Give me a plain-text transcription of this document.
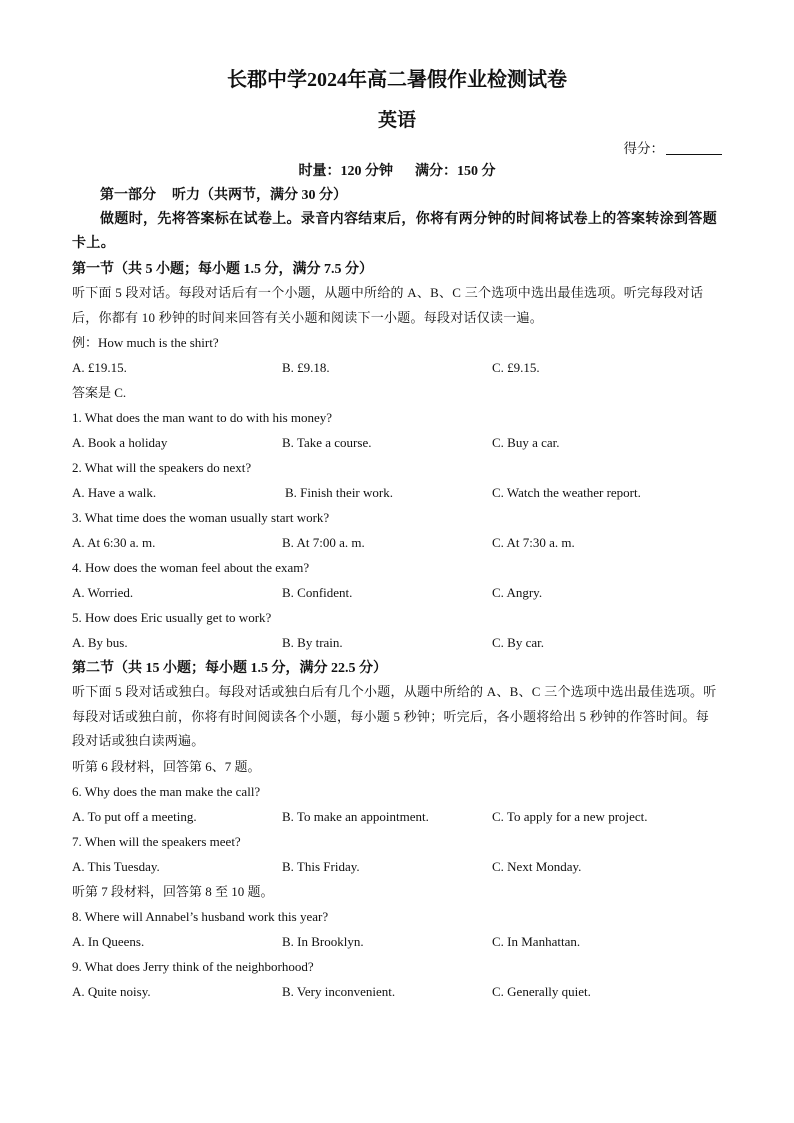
长郡中学2024年高二暑假作业检测试卷
英语
得分：
时量：120 分钟 满分：150 分
第一部分 听力（共两节，满分 30 分）

做题时，先将答案标在试卷上。录音内容结束后，你将有两分钟的时间将试卷上的答案转涂到答题卡上。

第一节（共 5 小题；每小题 1.5 分，满分 7.5 分）

听下面 5 段对话。每段对话后有一个小题，从题中所给的 A、B、C 三个选项中选出最佳选项。听完每段对话后，你都有 10 秒钟的时间来回答有关小题和阅读下一小题。每段对话仅读一遍。

例：How much is the shirt?
A. £19.15.	B. £9.18.	C. £9.15.
答案是 C.
1. What does the man want to do with his money?
A. Book a holiday	B. Take a course.	C. Buy a car.
2. What will the speakers do next?
A. Have a walk.	B. Finish their work.	C. Watch the weather report.
3. What time does the woman usually start work?
A. At 6:30 a. m.	B. At 7:00 a. m.	C. At 7:30 a. m.
4. How does the woman feel about the exam?
A. Worried.	B. Confident.	C. Angry.
5. How does Eric usually get to work?
A. By bus.	B. By train.	C. By car.
第二节（共 15 小题；每小题 1.5 分，满分 22.5 分）

听下面 5 段对话或独白。每段对话或独白后有几个小题，从题中所给的 A、B、C 三个选项中选出最佳选项。听每段对话或独白前，你将有时间阅读各个小题，每小题 5 秒钟；听完后，各小题将给出 5 秒钟的作答时间。每段对话或独白读两遍。

听第 6 段材料，回答第 6、7 题。
6. Why does the man make the call?
A. To put off a meeting.	B. To make an appointment.	C. To apply for a new project.
7. When will the speakers meet?
A. This Tuesday.	B. This Friday.	C. Next Monday.
听第 7 段材料，回答第 8 至 10 题。
8. Where will Annabel’s husband work this year?
A. In Queens.	B. In Brooklyn.	C. In Manhattan.
9. What does Jerry think of the neighborhood?
A. Quite noisy.	B. Very inconvenient.	C. Generally quiet.
